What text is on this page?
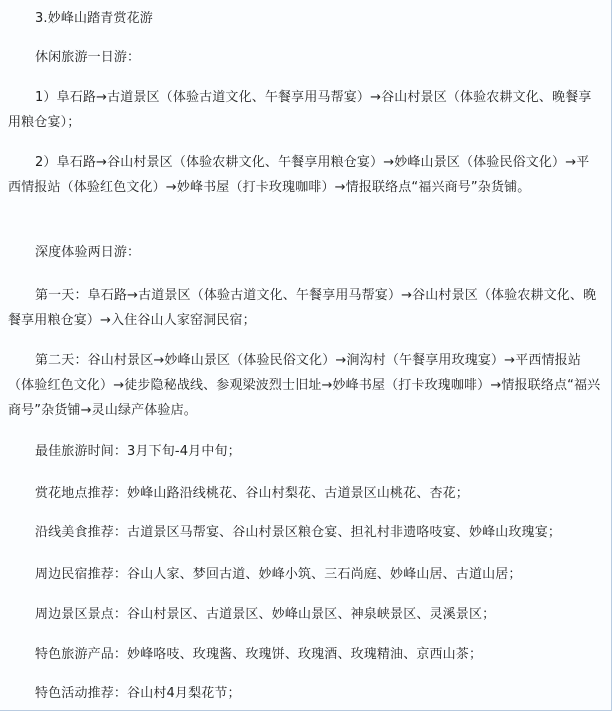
3.妙峰山踏青赏花游

休闲旅游一日游：

1）阜石路→古道景区（体验古道文化、午餐享用马帮宴）→谷山村景区（体验农耕文化、晚餐享用粮仓宴）；

2）阜石路→谷山村景区（体验农耕文化、午餐享用粮仓宴）→妙峰山景区（体验民俗文化）→平西情报站（体验红色文化）→妙峰书屋（打卡玫瑰咖啡）→情报联络点“福兴商号”杂货铺。

深度体验两日游：

第一天：阜石路→古道景区（体验古道文化、午餐享用马帮宴）→谷山村景区（体验农耕文化、晚餐享用粮仓宴）→入住谷山人家窑洞民宿；

第二天：谷山村景区→妙峰山景区（体验民俗文化）→涧沟村（午餐享用玫瑰宴）→平西情报站（体验红色文化）→徒步隐秘战线、参观梁波烈士旧址→妙峰书屋（打卡玫瑰咖啡）→情报联络点“福兴商号”杂货铺→灵山绿产体验店。

最佳旅游时间：3月下旬-4月中旬；

赏花地点推荐：妙峰山路沿线桃花、谷山村梨花、古道景区山桃花、杏花；

沿线美食推荐：古道景区马帮宴、谷山村景区粮仓宴、担礼村非遗咯吱宴、妙峰山玫瑰宴；

周边民宿推荐：谷山人家、梦回古道、妙峰小筑、三石尚庭、妙峰山居、古道山居；

周边景区景点：谷山村景区、古道景区、妙峰山景区、神泉峡景区、灵溪景区；

特色旅游产品：妙峰咯吱、玫瑰酱、玫瑰饼、玫瑰酒、玫瑰精油、京西山茶；

特色活动推荐：谷山村4月梨花节；
